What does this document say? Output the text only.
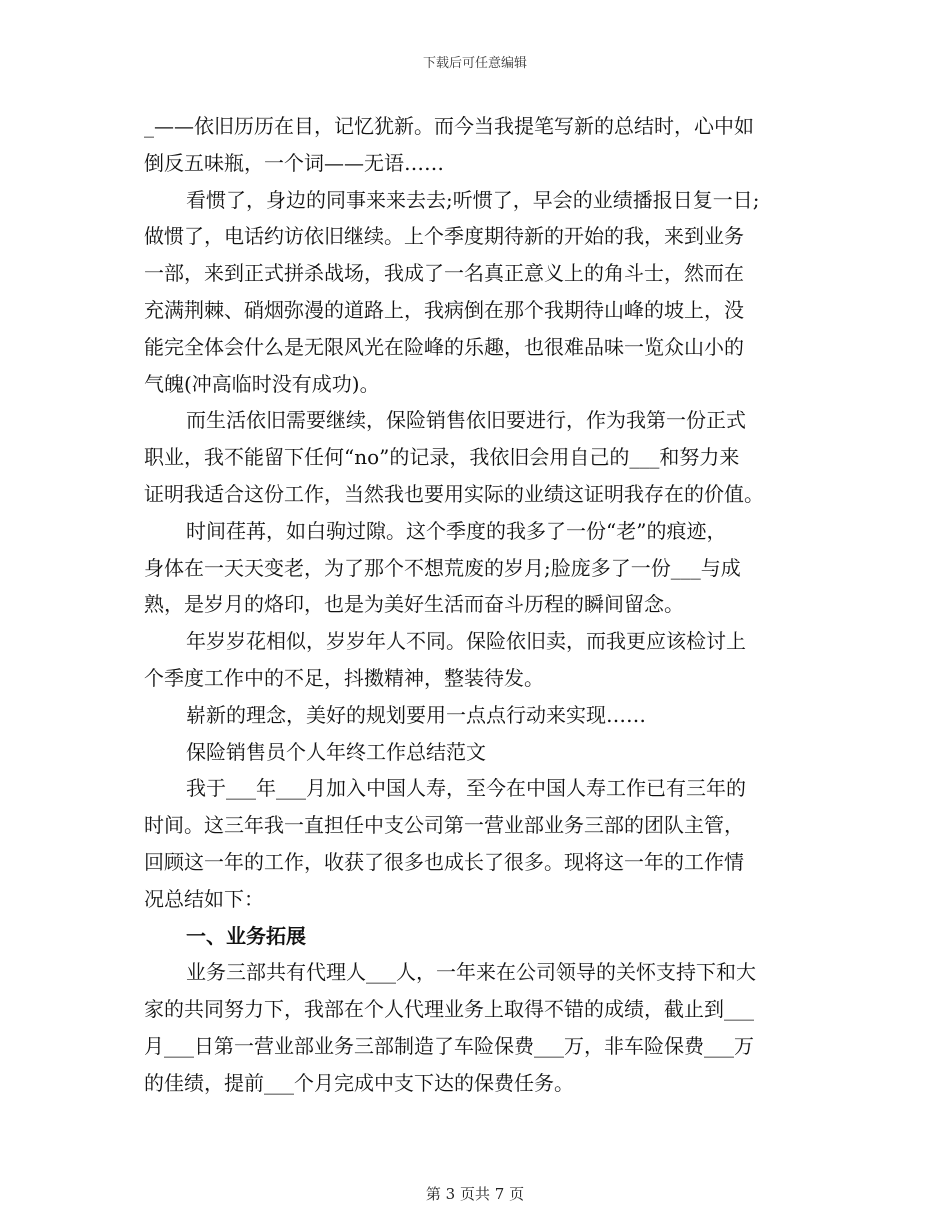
下载后可任意编辑
_——依旧历历在目，记忆犹新。而今当我提笔写新的总结时，心中如
倒反五味瓶，一个词——无语……
看惯了，身边的同事来来去去;听惯了，早会的业绩播报日复一日;
做惯了，电话约访依旧继续。上个季度期待新的开始的我，来到业务
一部，来到正式拼杀战场，我成了一名真正意义上的角斗士，然而在
充满荆棘、硝烟弥漫的道路上，我病倒在那个我期待山峰的坡上，没
能完全体会什么是无限风光在险峰的乐趣，也很难品味一览众山小的
气魄(冲高临时没有成功)。
而生活依旧需要继续，保险销售依旧要进行，作为我第一份正式
职业，我不能留下任何“no”的记录，我依旧会用自己的___和努力来
证明我适合这份工作，当然我也要用实际的业绩这证明我存在的价值。
时间荏苒，如白驹过隙。这个季度的我多了一份“老”的痕迹，
身体在一天天变老，为了那个不想荒废的岁月;脸庞多了一份___与成
熟，是岁月的烙印，也是为美好生活而奋斗历程的瞬间留念。
年岁岁花相似，岁岁年人不同。保险依旧卖，而我更应该检讨上
个季度工作中的不足，抖擞精神，整装待发。
崭新的理念，美好的规划要用一点点行动来实现……
保险销售员个人年终工作总结范文
我于___年___月加入中国人寿，至今在中国人寿工作已有三年的
时间。这三年我一直担任中支公司第一营业部业务三部的团队主管，
回顾这一年的工作，收获了很多也成长了很多。现将这一年的工作情
况总结如下：
一、业务拓展
业务三部共有代理人___人，一年来在公司领导的关怀支持下和大
家的共同努力下，我部在个人代理业务上取得不错的成绩，截止到___
月___日第一营业部业务三部制造了车险保费___万，非车险保费___万
的佳绩，提前___个月完成中支下达的保费任务。
第 3 页共 7 页
